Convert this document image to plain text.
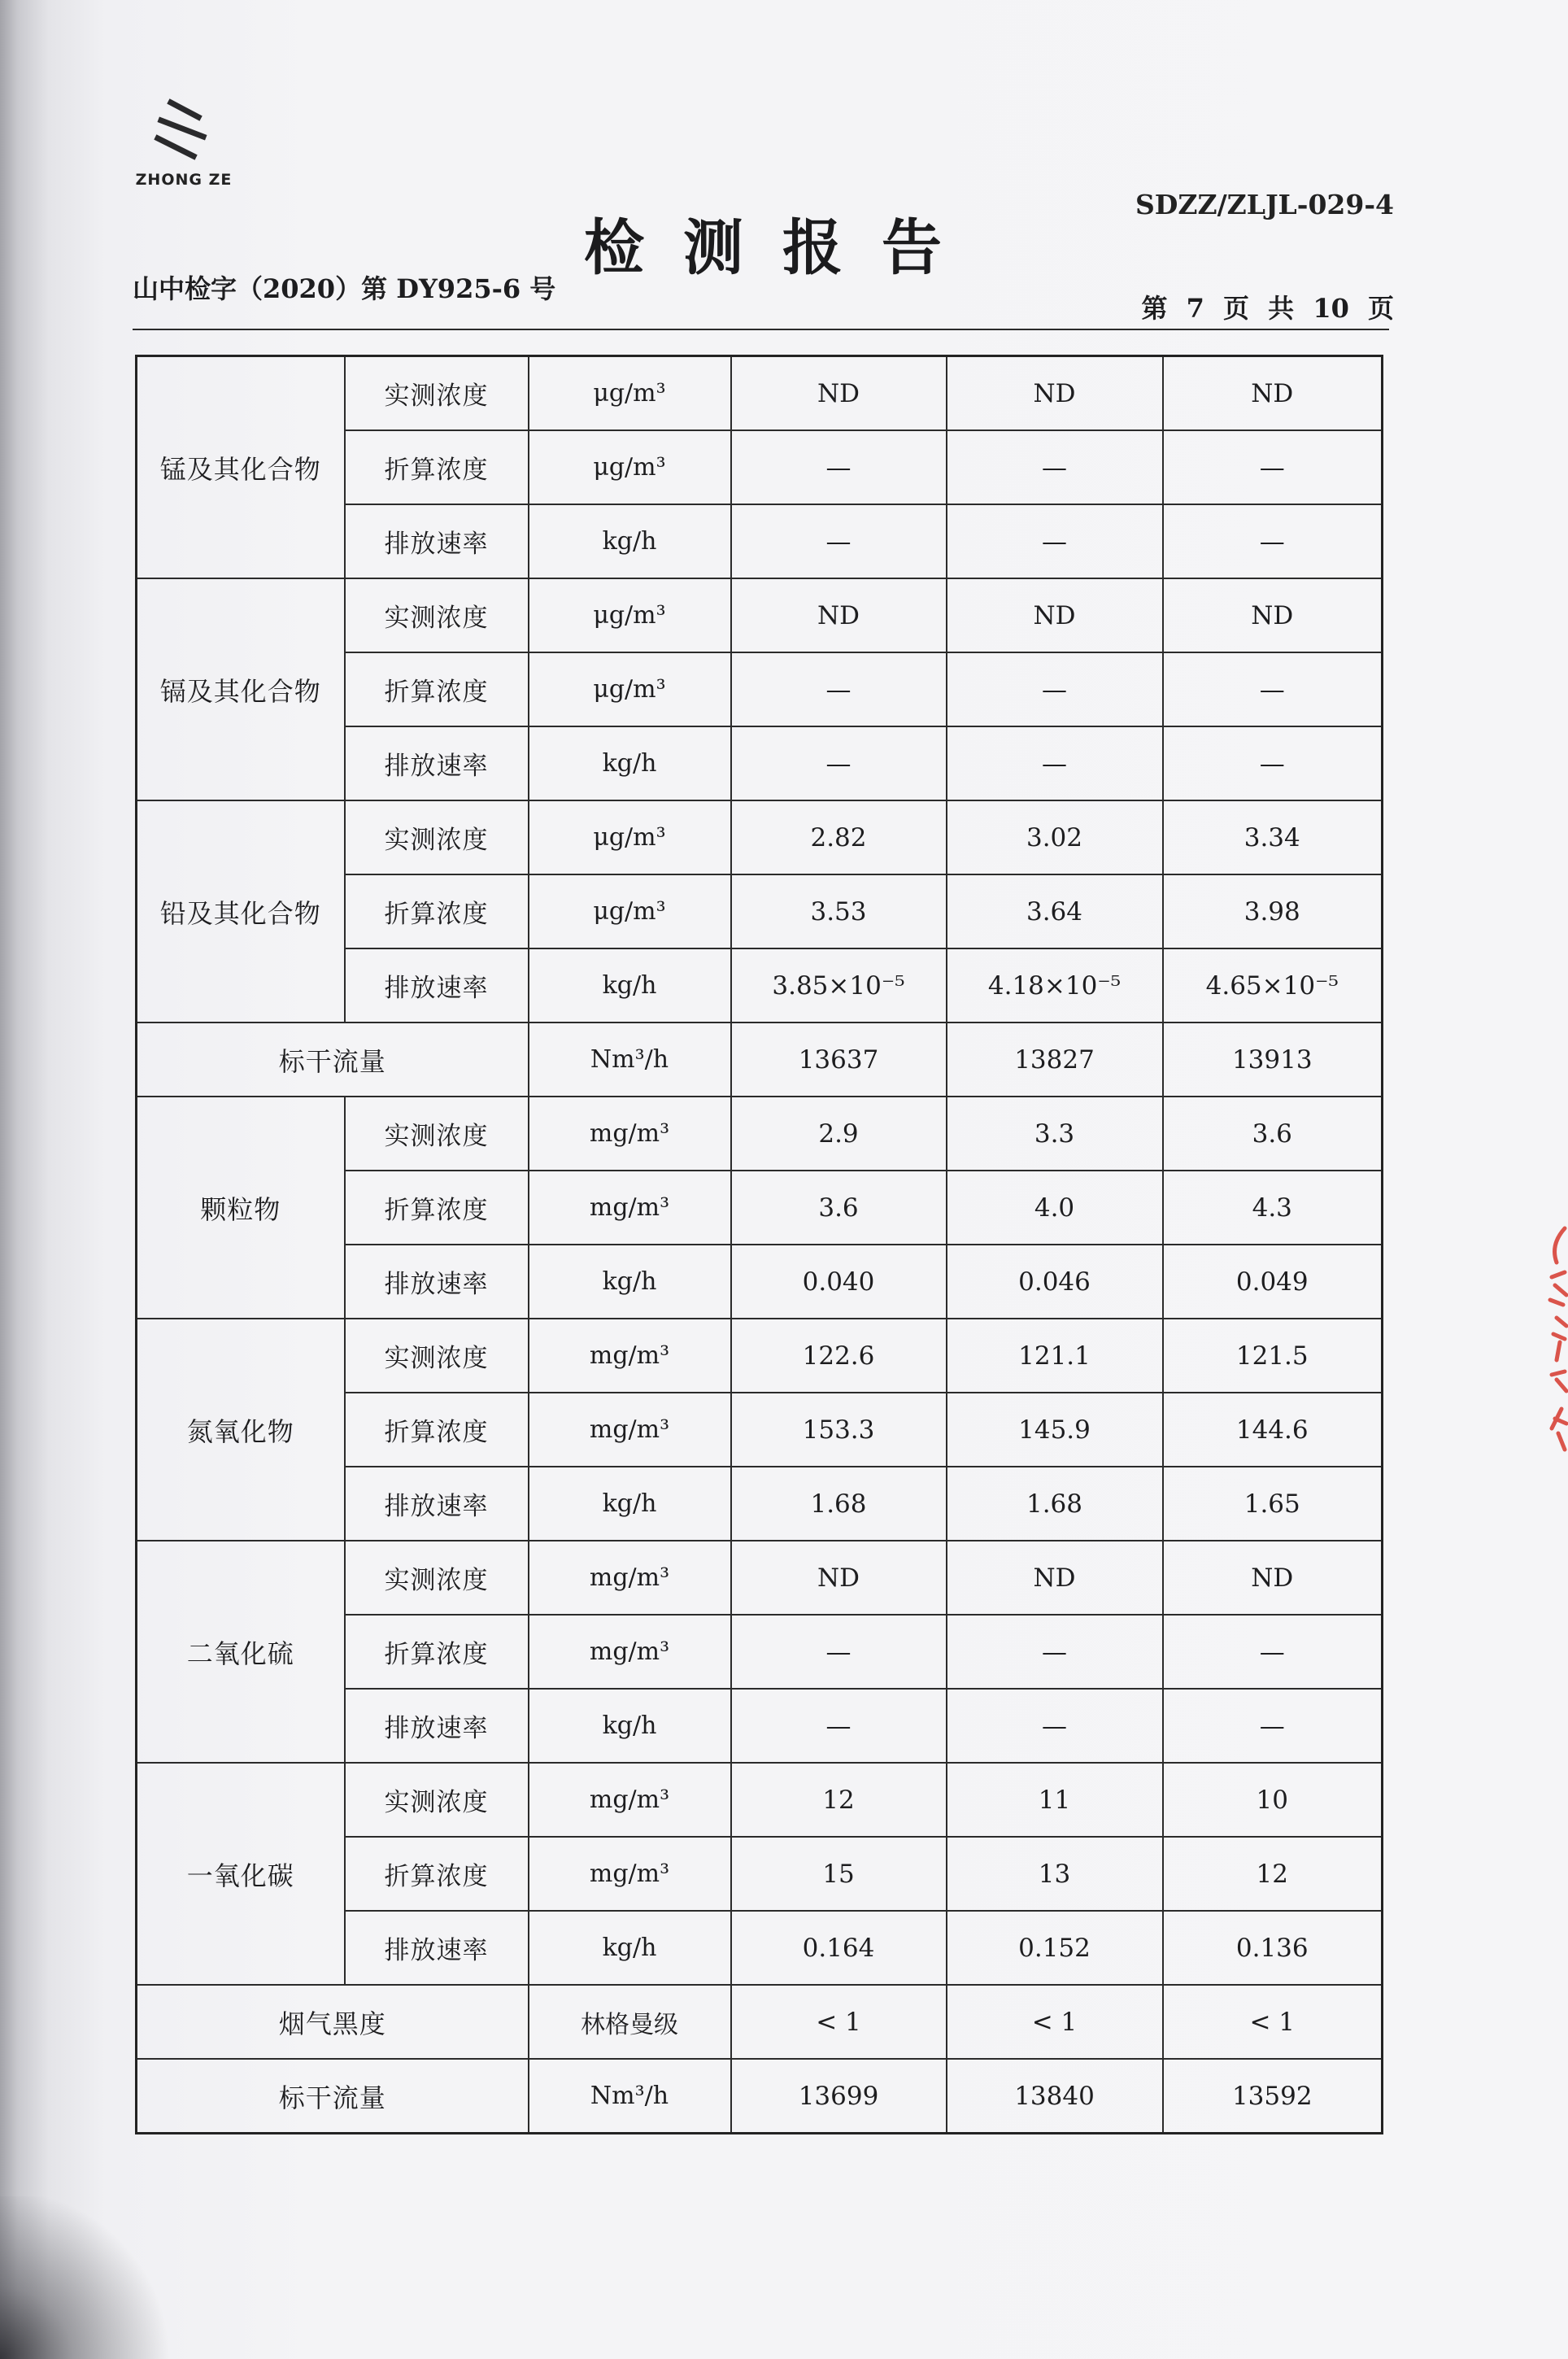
ZHONG ZE
SDZZ/ZLJL-029-4
检测报告
山中检字（2020）第 DY925-6 号
第 7 页 共 10 页
锰及其化合物	实测浓度	μg/m³	ND	ND	ND
	折算浓度	μg/m³	—	—	—
	排放速率	kg/h	—	—	—
镉及其化合物	实测浓度	μg/m³	ND	ND	ND
	折算浓度	μg/m³	—	—	—
	排放速率	kg/h	—	—	—
铅及其化合物	实测浓度	μg/m³	2.82	3.02	3.34
	折算浓度	μg/m³	3.53	3.64	3.98
	排放速率	kg/h	3.85×10⁻⁵	4.18×10⁻⁵	4.65×10⁻⁵
标干流量		Nm³/h	13637	13827	13913
颗粒物	实测浓度	mg/m³	2.9	3.3	3.6
	折算浓度	mg/m³	3.6	4.0	4.3
	排放速率	kg/h	0.040	0.046	0.049
氮氧化物	实测浓度	mg/m³	122.6	121.1	121.5
	折算浓度	mg/m³	153.3	145.9	144.6
	排放速率	kg/h	1.68	1.68	1.65
二氧化硫	实测浓度	mg/m³	ND	ND	ND
	折算浓度	mg/m³	—	—	—
	排放速率	kg/h	—	—	—
一氧化碳	实测浓度	mg/m³	12	11	10
	折算浓度	mg/m³	15	13	12
	排放速率	kg/h	0.164	0.152	0.136
烟气黑度		林格曼级	< 1	< 1	< 1
标干流量		Nm³/h	13699	13840	13592
